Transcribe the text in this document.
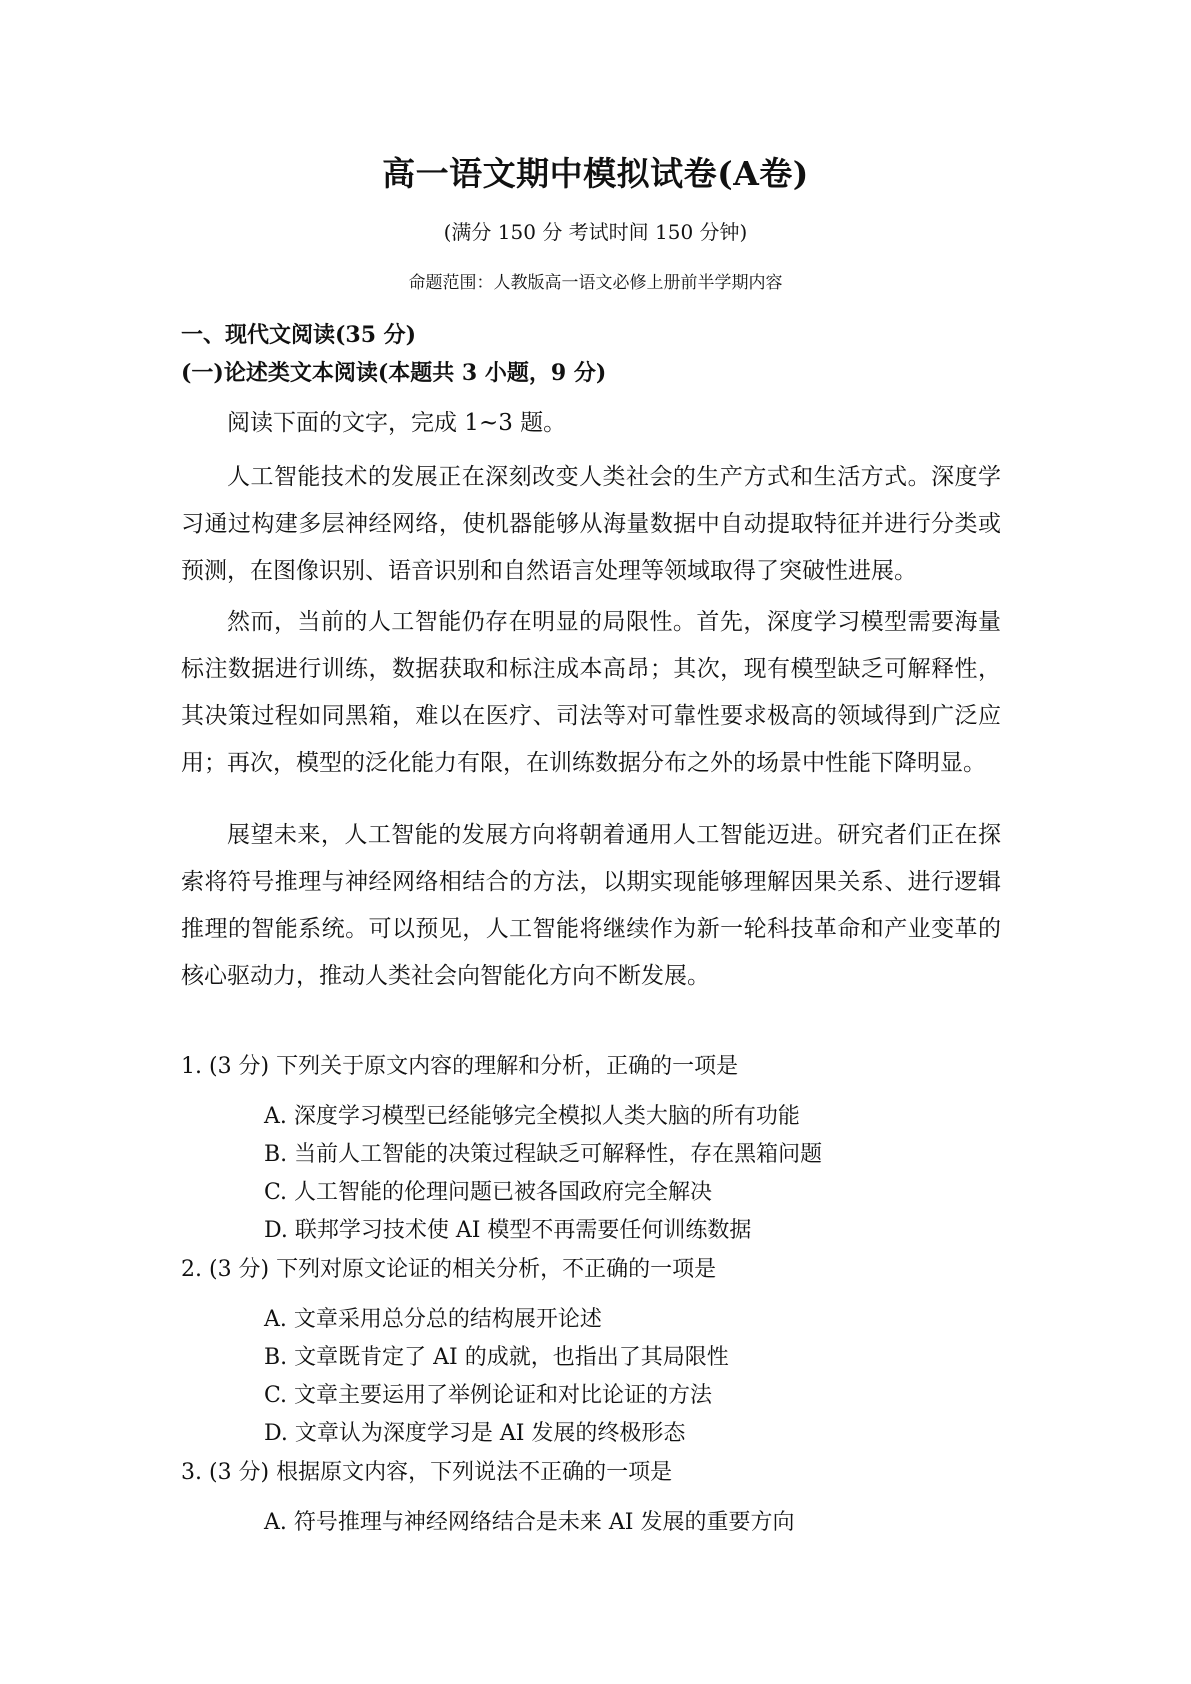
高一语文期中模拟试卷(A卷)
(满分 150 分 考试时间 150 分钟)
命题范围：人教版高一语文必修上册前半学期内容
一、现代文阅读(35 分)
(一)论述类文本阅读(本题共 3 小题，9 分)

阅读下面的文字，完成 1~3 题。

人工智能技术的发展正在深刻改变人类社会的生产方式和生活方式。深度学习通过构建多层神经网络，使机器能够从海量数据中自动提取特征并进行分类或预测，在图像识别、语音识别和自然语言处理等领域取得了突破性进展。

然而，当前的人工智能仍存在明显的局限性。首先，深度学习模型需要海量标注数据进行训练，数据获取和标注成本高昂；其次，现有模型缺乏可解释性，其决策过程如同黑箱，难以在医疗、司法等对可靠性要求极高的领域得到广泛应用；再次，模型的泛化能力有限，在训练数据分布之外的场景中性能下降明显。

展望未来，人工智能的发展方向将朝着通用人工智能迈进。研究者们正在探索将符号推理与神经网络相结合的方法，以期实现能够理解因果关系、进行逻辑推理的智能系统。可以预见，人工智能将继续作为新一轮科技革命和产业变革的核心驱动力，推动人类社会向智能化方向不断发展。

1. (3 分) 下列关于原文内容的理解和分析，正确的一项是
A. 深度学习模型已经能够完全模拟人类大脑的所有功能
B. 当前人工智能的决策过程缺乏可解释性，存在黑箱问题
C. 人工智能的伦理问题已被各国政府完全解决
D. 联邦学习技术使 AI 模型不再需要任何训练数据
2. (3 分) 下列对原文论证的相关分析，不正确的一项是
A. 文章采用总分总的结构展开论述
B. 文章既肯定了 AI 的成就，也指出了其局限性
C. 文章主要运用了举例论证和对比论证的方法
D. 文章认为深度学习是 AI 发展的终极形态
3. (3 分) 根据原文内容，下列说法不正确的一项是
A. 符号推理与神经网络结合是未来 AI 发展的重要方向
